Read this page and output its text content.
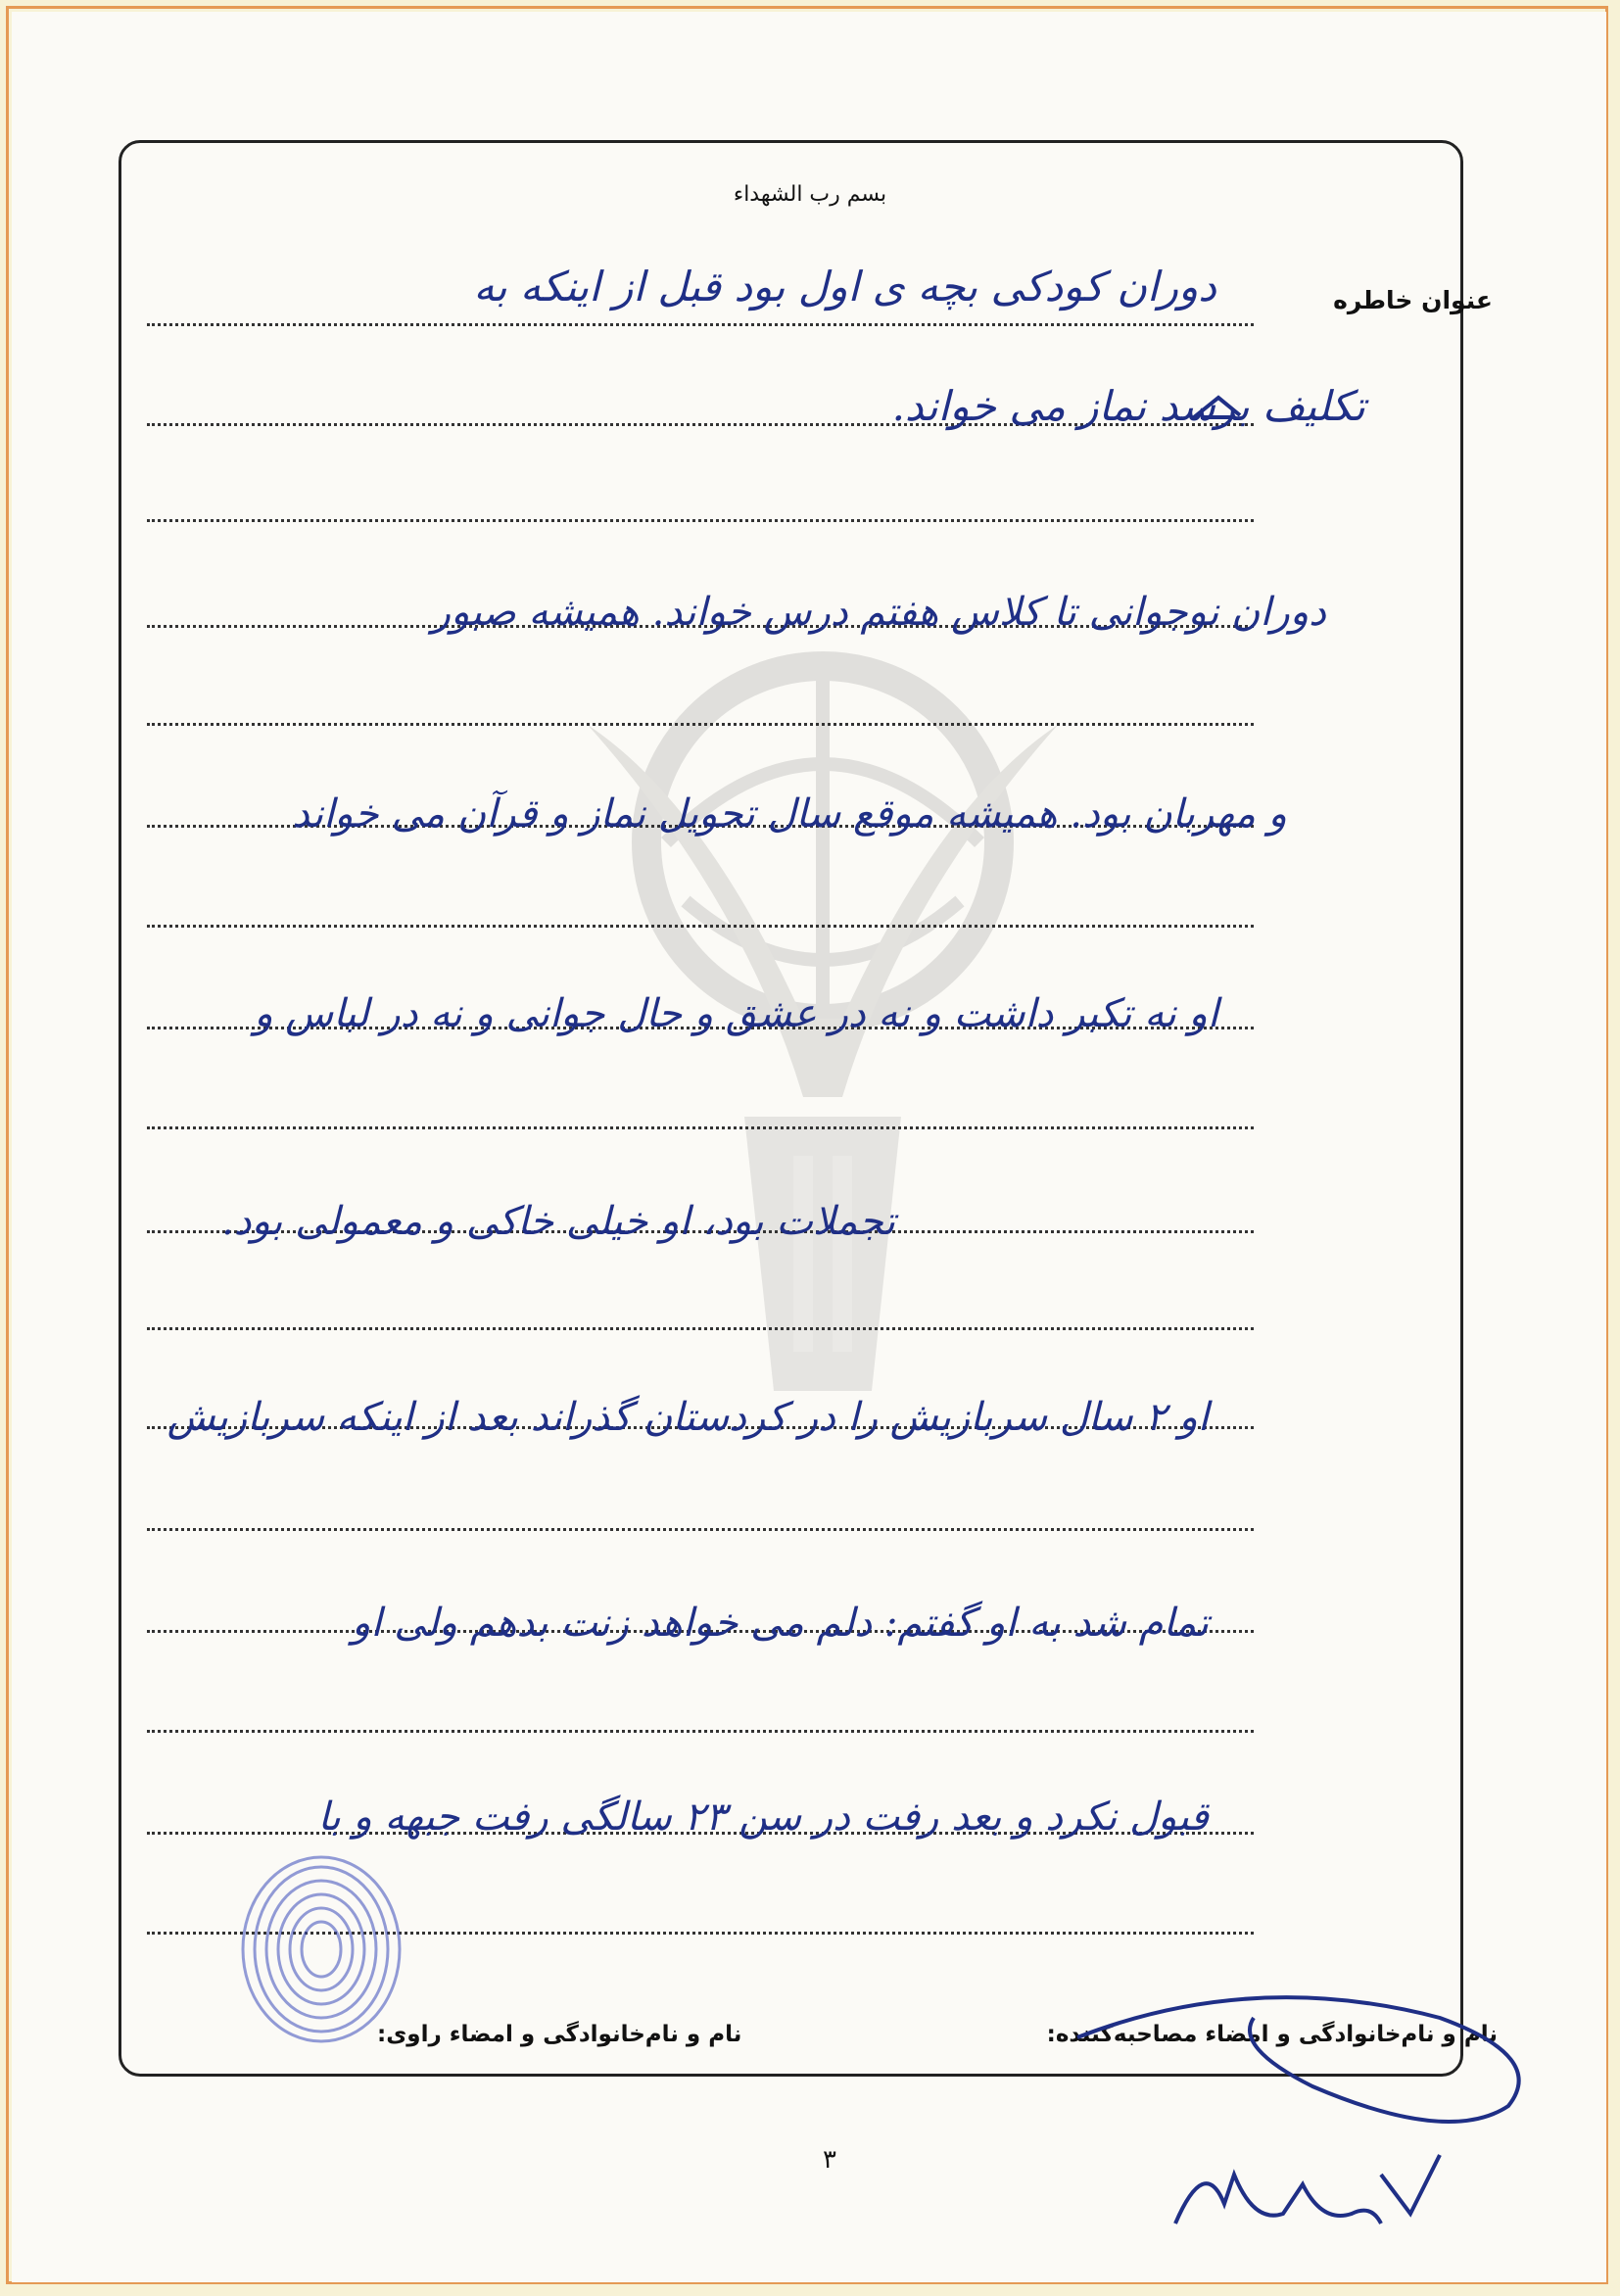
بسم رب الشهداء
عنوان خاطره
دوران کودکی بچه ی اول بود قبل از اینکه به
تکلیف برسد نماز می خواند.
دوران نوجوانی تا کلاس هفتم درس خواند. همیشه صبور
و مهربان بود. همیشه موقع سال تحویل نماز و قرآن می خواند
او نه تکبر داشت و نه در عشق و حال جوانی و نه در لباس و
تجملات بود، او خیلی خاکی و معمولی بود.
او ۲ سال سربازیش را در کردستان گذراند بعد از اینکه سربازیش
تمام شد به او گفتم: دلم می خواهد زنت بدهم ولی او
قبول نکرد و بعد رفت در سن ۲۳ سالگی رفت جبهه و با
نام و نام‌خانوادگی و امضاء مصاحبه‌کننده:
نام و نام‌خانوادگی و امضاء راوی:
۳
